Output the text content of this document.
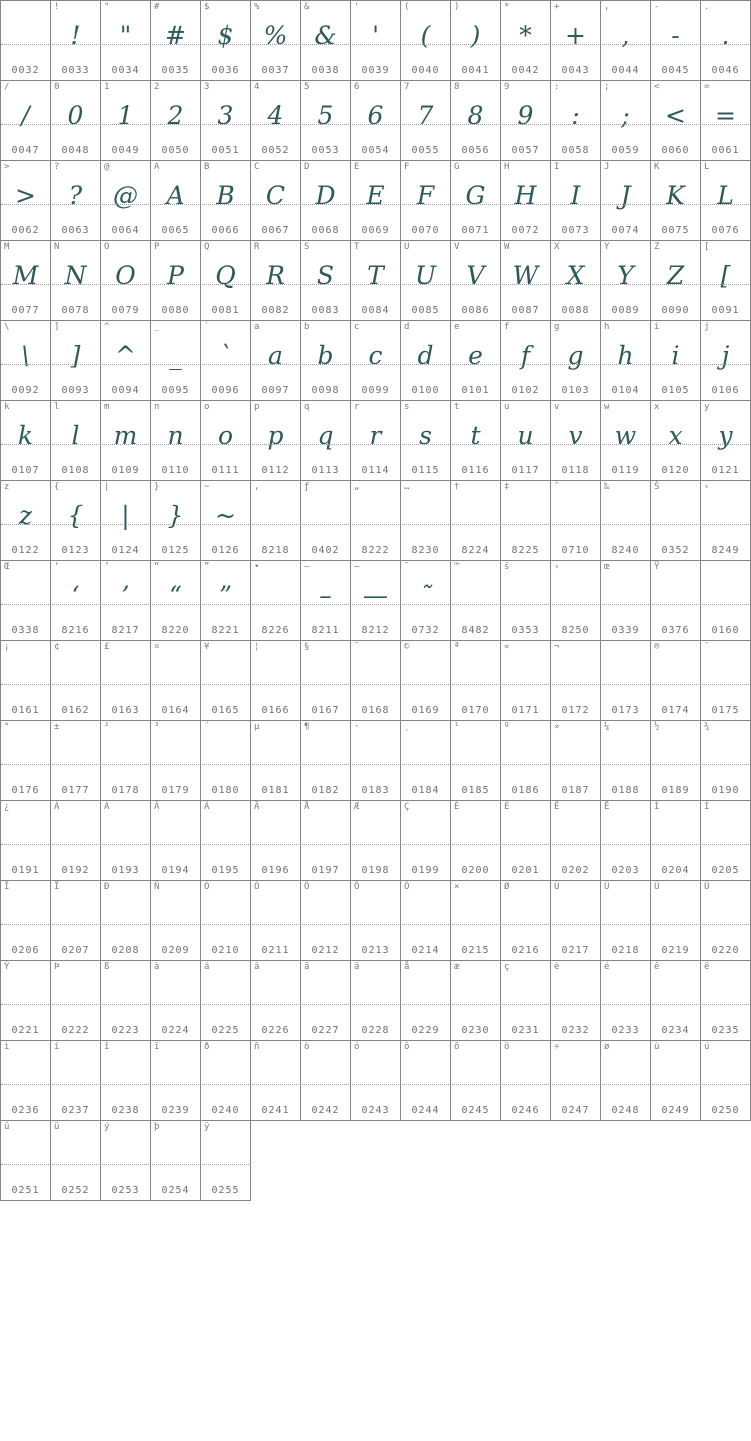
0032
!
!
0033
"
"
0034
#
#
0035
$
$
0036
%
%
0037
&
&
0038
'
'
0039
(
(
0040
)
)
0041
*
*
0042
+
+
0043
,
,
0044
-
-
0045
.
.
0046
/
/
0047
0
0
0048
1
1
0049
2
2
0050
3
3
0051
4
4
0052
5
5
0053
6
6
0054
7
7
0055
8
8
0056
9
9
0057
:
:
0058
;
;
0059
<
<
0060
=
=
0061
>
>
0062
?
?
0063
@
@
0064
A
A
0065
B
B
0066
C
C
0067
D
D
0068
E
E
0069
F
F
0070
G
G
0071
H
H
0072
I
I
0073
J
J
0074
K
K
0075
L
L
0076
M
M
0077
N
N
0078
O
O
0079
P
P
0080
Q
Q
0081
R
R
0082
S
S
0083
T
T
0084
U
U
0085
V
V
0086
W
W
0087
X
X
0088
Y
Y
0089
Z
Z
0090
[
[
0091
\
\
0092
]
]
0093
^
^
0094
_
_
0095
`
`
0096
a
a
0097
b
b
0098
c
c
0099
d
d
0100
e
e
0101
f
f
0102
g
g
0103
h
h
0104
i
i
0105
j
j
0106
k
k
0107
l
l
0108
m
m
0109
n
n
0110
o
o
0111
p
p
0112
q
q
0113
r
r
0114
s
s
0115
t
t
0116
u
u
0117
v
v
0118
w
w
0119
x
x
0120
y
y
0121
z
z
0122
{
{
0123
|
|
0124
}
}
0125
~
~
0126
‚
8218
ƒ
0402
„
8222
…
8230
†
8224
‡
8225
ˆ
0710
‰
8240
Š
0352
‹
8249
Œ
0338
‘
‘
8216
’
’
8217
“
“
8220
”
”
8221
•
8226
–
–
8211
—
—
8212
˜
˜
0732
™
8482
š
0353
›
8250
œ
0339
Ÿ
0376	0160
¡
0161
¢
0162
£
0163
¤
0164
¥
0165
¦
0166
§
0167
¨
0168
©
0169
ª
0170
«
0171
¬
0172	0173
®
0174
¯
0175
°
0176
±
0177
²
0178
³
0179
´
0180
µ
0181
¶
0182
·
0183
¸
0184
¹
0185
º
0186
»
0187
¼
0188
½
0189
¾
0190
¿
0191
À
0192
Á
0193
Â
0194
Ã
0195
Ä
0196
Å
0197
Æ
0198
Ç
0199
È
0200
É
0201
Ê
0202
Ë
0203
Ì
0204
Í
0205
Î
0206
Ï
0207
Ð
0208
Ñ
0209
Ò
0210
Ó
0211
Ô
0212
Õ
0213
Ö
0214
×
0215
Ø
0216
Ù
0217
Ú
0218
Û
0219
Ü
0220
Ý
0221
Þ
0222
ß
0223
à
0224
á
0225
â
0226
ã
0227
ä
0228
å
0229
æ
0230
ç
0231
è
0232
é
0233
ê
0234
ë
0235
ì
0236
í
0237
î
0238
ï
0239
ð
0240
ñ
0241
ò
0242
ó
0243
ô
0244
õ
0245
ö
0246
÷
0247
ø
0248
ù
0249
ú
0250
û
0251
ü
0252
ý
0253
þ
0254
ÿ
0255
